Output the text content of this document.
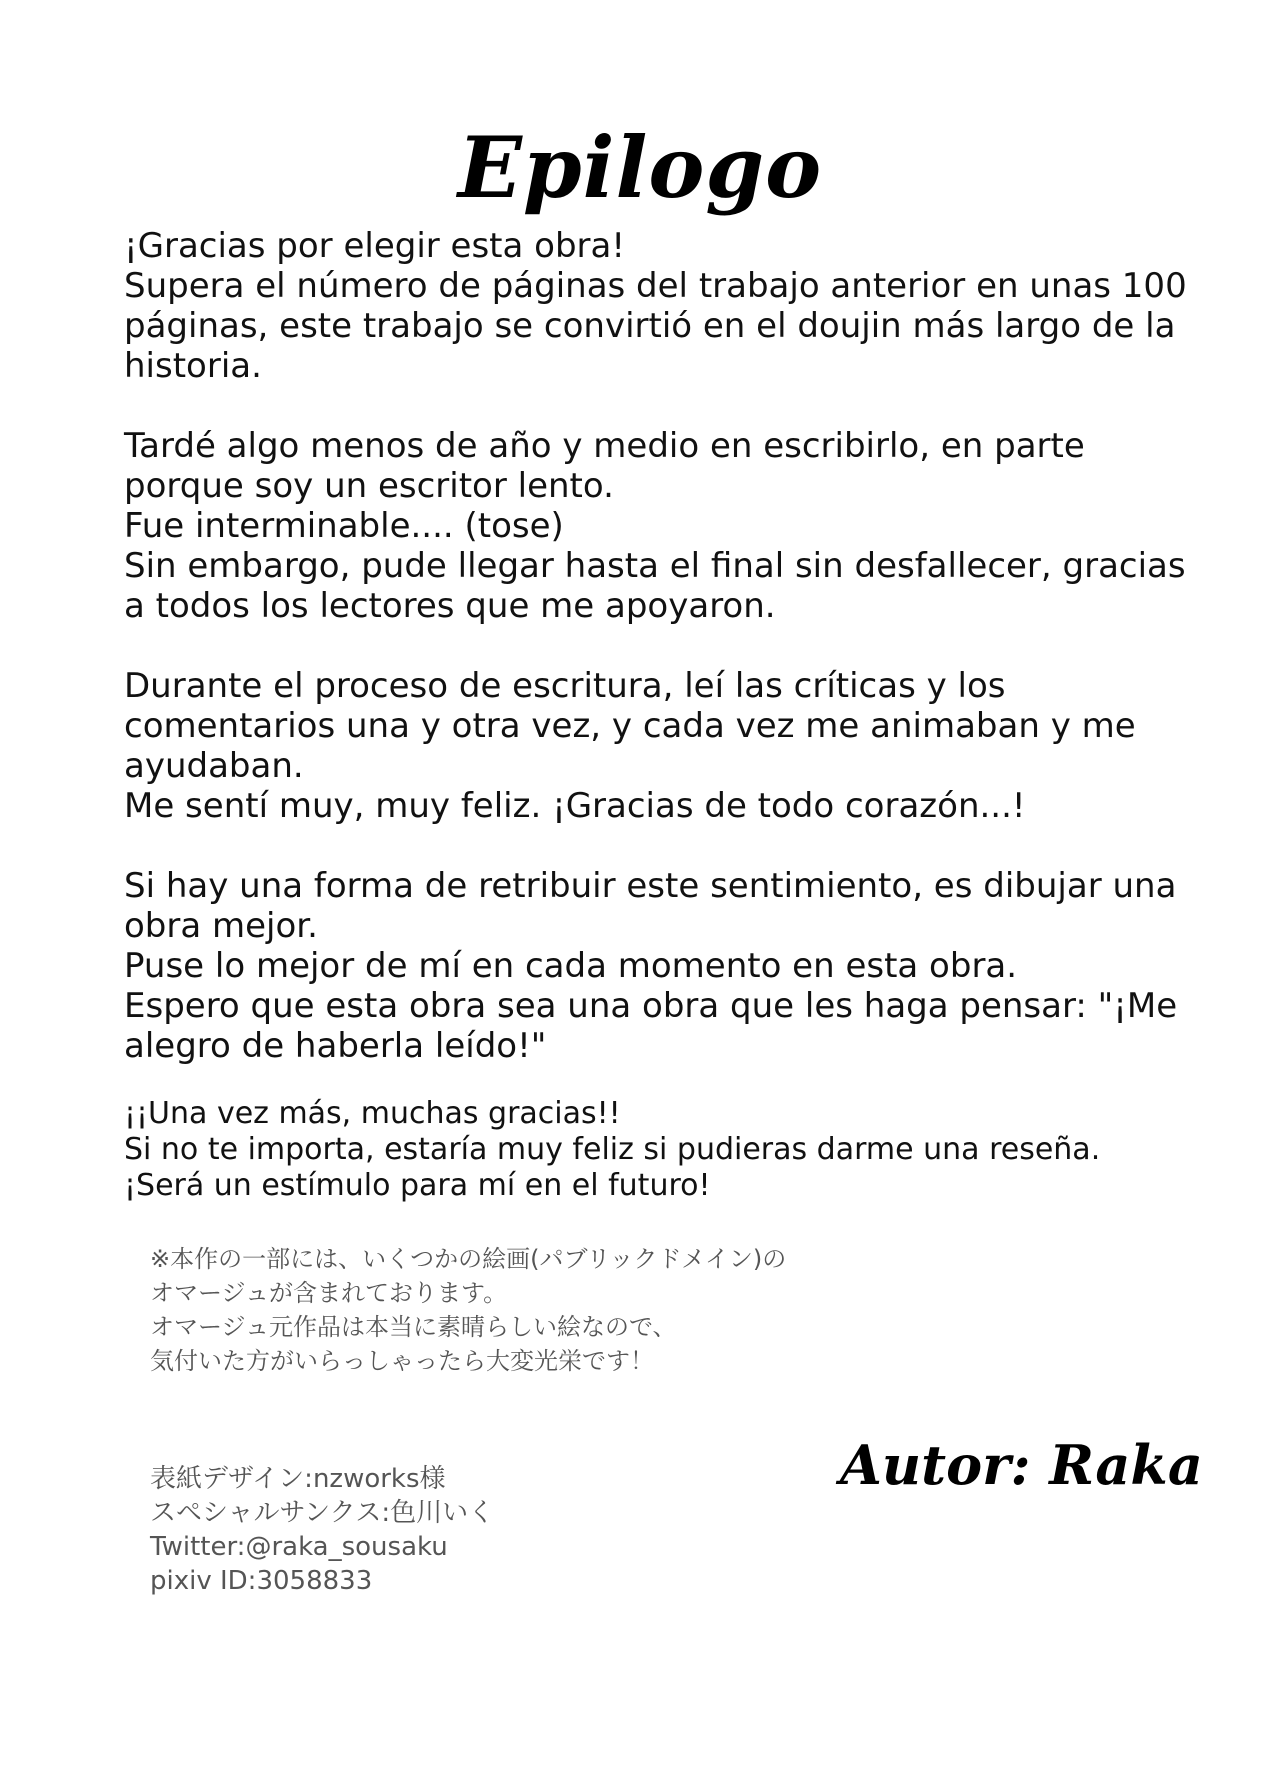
Epilogo
¡Gracias por elegir esta obra!
Supera el número de páginas del trabajo anterior en unas 100
páginas, este trabajo se convirtió en el doujin más largo de la
historia.
Tardé algo menos de año y medio en escribirlo, en parte
porque soy un escritor lento.
Fue interminable.... (tose)
Sin embargo, pude llegar hasta el final sin desfallecer, gracias
a todos los lectores que me apoyaron.
Durante el proceso de escritura, leí las críticas y los
comentarios una y otra vez, y cada vez me animaban y me
ayudaban.
Me sentí muy, muy feliz. ¡Gracias de todo corazón...!
Si hay una forma de retribuir este sentimiento, es dibujar una
obra mejor.
Puse lo mejor de mí en cada momento en esta obra.
Espero que esta obra sea una obra que les haga pensar: "¡Me
alegro de haberla leído!"
¡¡Una vez más, muchas gracias!!
Si no te importa, estaría muy feliz si pudieras darme una reseña.
¡Será un estímulo para mí en el futuro!
※本作の一部には、いくつかの絵画(パブリックドメイン)の
オマージュが含まれております。
オマージュ元作品は本当に素晴らしい絵なので、
気付いた方がいらっしゃったら大変光栄です！
表紙デザイン:nzworks様
スペシャルサンクス:色川いく
Twitter:@raka_sousaku
pixiv ID:3058833
Autor: Raka
